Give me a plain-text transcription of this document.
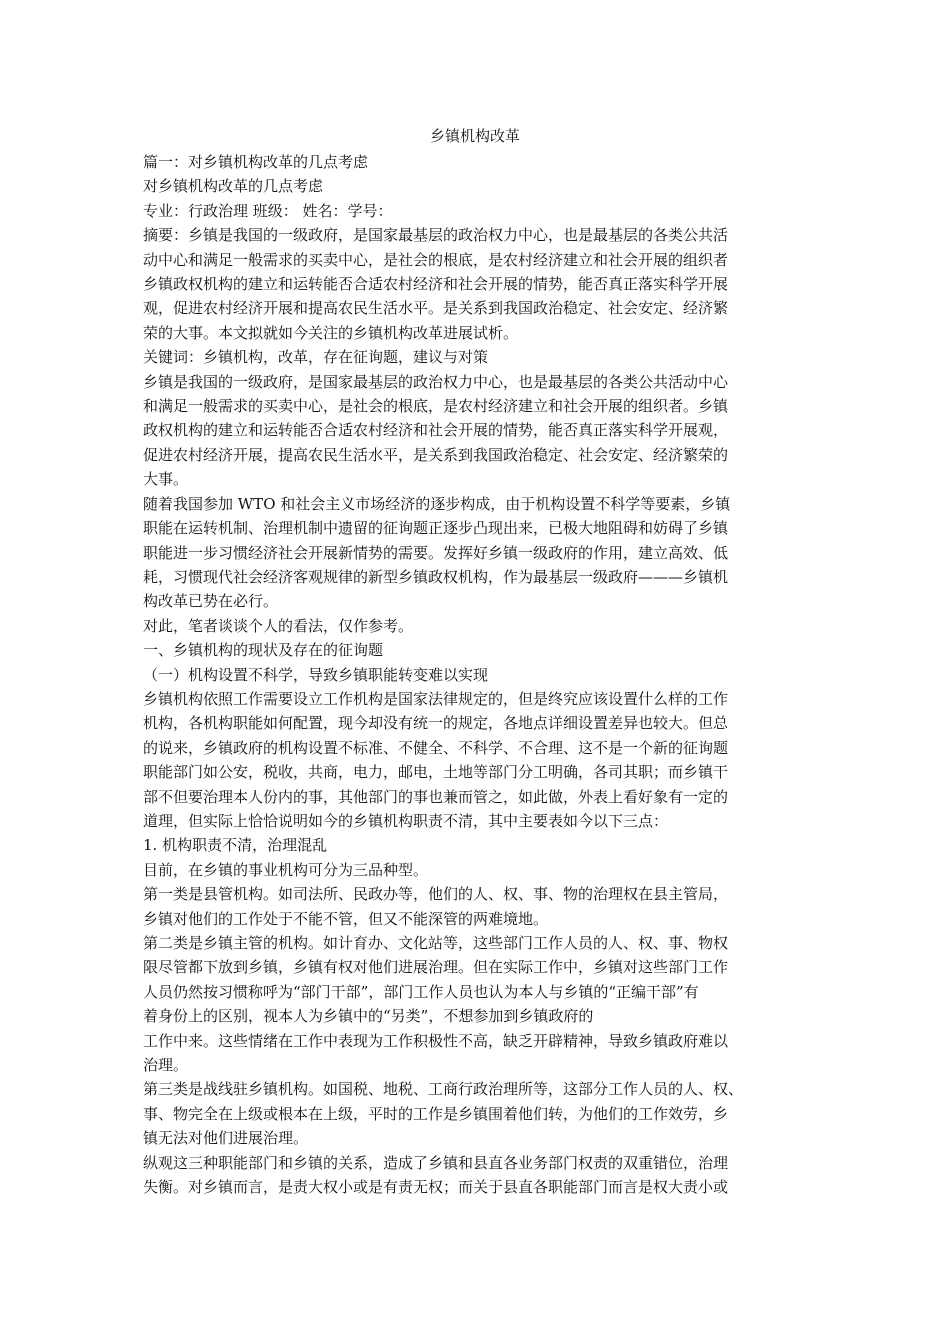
乡镇机构改革

篇一：对乡镇机构改革的几点考虑

对乡镇机构改革的几点考虑

专业：行政治理 班级： 姓名：学号：

摘要：乡镇是我国的一级政府，是国家最基层的政治权力中心，也是最基层的各类公共活

动中心和满足一般需求的买卖中心，是社会的根底，是农村经济建立和社会开展的组织者

乡镇政权机构的建立和运转能否合适农村经济和社会开展的情势，能否真正落实科学开展

观，促进农村经济开展和提高农民生活水平。是关系到我国政治稳定、社会安定、经济繁

荣的大事。本文拟就如今关注的乡镇机构改革进展试析。

关键词：乡镇机构，改革，存在征询题，建议与对策

乡镇是我国的一级政府，是国家最基层的政治权力中心，也是最基层的各类公共活动中心

和满足一般需求的买卖中心，是社会的根底，是农村经济建立和社会开展的组织者。乡镇

政权机构的建立和运转能否合适农村经济和社会开展的情势，能否真正落实科学开展观，

促进农村经济开展，提高农民生活水平，是关系到我国政治稳定、社会安定、经济繁荣的

大事。

随着我国参加 WTO 和社会主义市场经济的逐步构成，由于机构设置不科学等要素，乡镇

职能在运转机制、治理机制中遗留的征询题正逐步凸现出来，已极大地阻碍和妨碍了乡镇

职能进一步习惯经济社会开展新情势的需要。发挥好乡镇一级政府的作用，建立高效、低

耗，习惯现代社会经济客观规律的新型乡镇政权机构，作为最基层一级政府———乡镇机

构改革已势在必行。

对此，笔者谈谈个人的看法，仅作参考。

一、乡镇机构的现状及存在的征询题

（一）机构设置不科学，导致乡镇职能转变难以实现

乡镇机构依照工作需要设立工作机构是国家法律规定的，但是终究应该设置什么样的工作

机构，各机构职能如何配置，现今却没有统一的规定，各地点详细设置差异也较大。但总

的说来，乡镇政府的机构设置不标准、不健全、不科学、不合理、这不是一个新的征询题

职能部门如公安，税收，共商，电力，邮电，土地等部门分工明确，各司其职；而乡镇干

部不但要治理本人份内的事，其他部门的事也兼而管之，如此做，外表上看好象有一定的

道理，但实际上恰恰说明如今的乡镇机构职责不清，其中主要表如今以下三点：

1. 机构职责不清，治理混乱

目前，在乡镇的事业机构可分为三品种型。

第一类是县管机构。如司法所、民政办等，他们的人、权、事、物的治理权在县主管局，

乡镇对他们的工作处于不能不管，但又不能深管的两难境地。

第二类是乡镇主管的机构。如计育办、文化站等，这些部门工作人员的人、权、事、物权

限尽管都下放到乡镇，乡镇有权对他们进展治理。但在实际工作中，乡镇对这些部门工作

人员仍然按习惯称呼为“部门干部”，部门工作人员也认为本人与乡镇的“正编干部”有

着身份上的区别，视本人为乡镇中的“另类”，不想参加到乡镇政府的

工作中来。这些情绪在工作中表现为工作积极性不高，缺乏开辟精神，导致乡镇政府难以

治理。

第三类是战线驻乡镇机构。如国税、地税、工商行政治理所等，这部分工作人员的人、权、

事、物完全在上级或根本在上级，平时的工作是乡镇围着他们转，为他们的工作效劳，乡

镇无法对他们进展治理。

纵观这三种职能部门和乡镇的关系，造成了乡镇和县直各业务部门权责的双重错位，治理

失衡。对乡镇而言，是责大权小或是有责无权；而关于县直各职能部门而言是权大责小或
